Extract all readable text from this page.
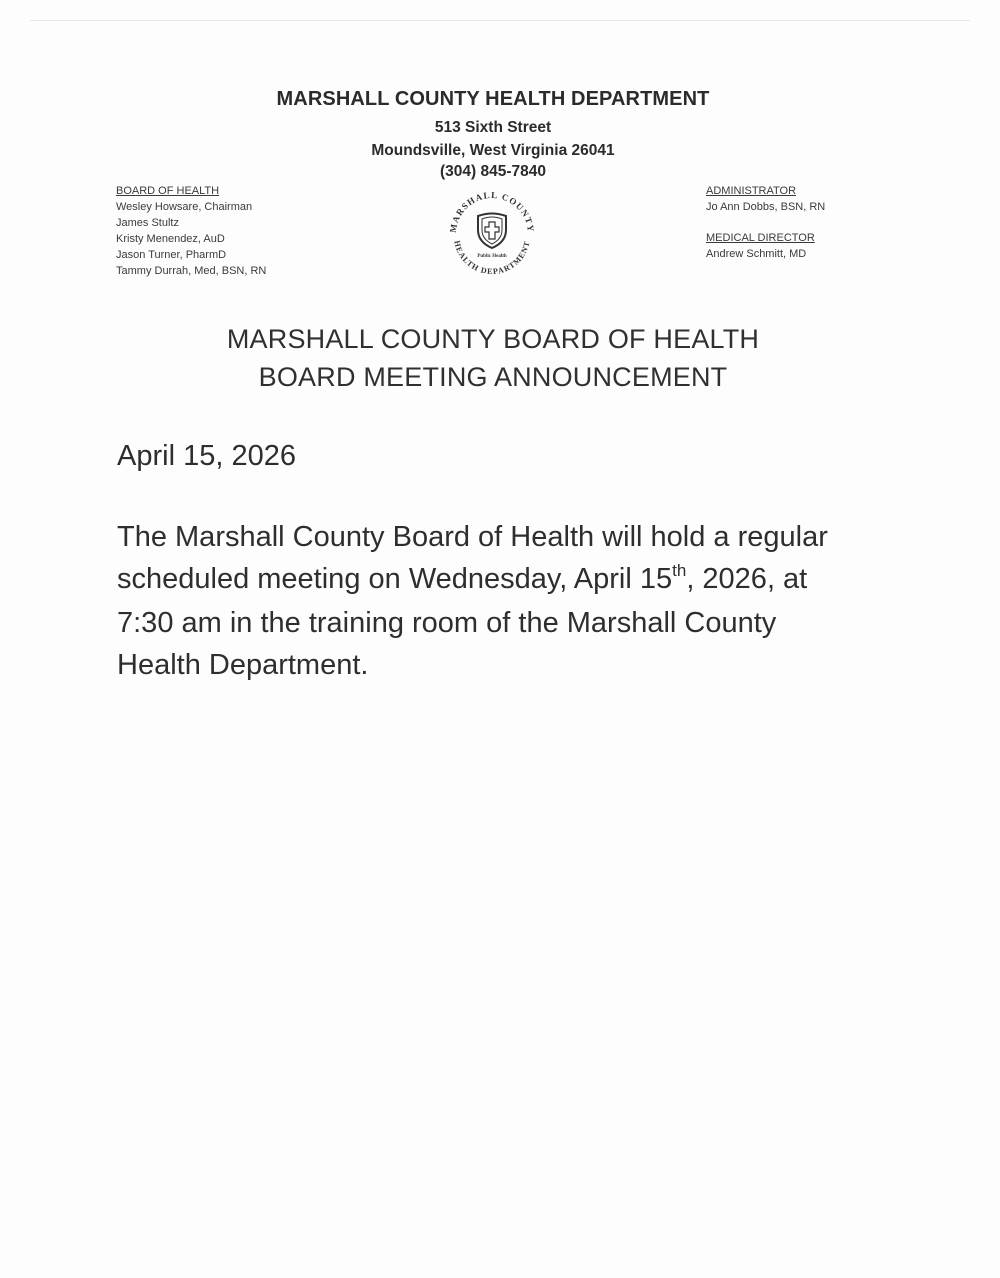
MARSHALL COUNTY HEALTH DEPARTMENT
513 Sixth Street
Moundsville, West Virginia 26041
(304) 845-7840
BOARD OF HEALTH
Wesley Howsare, Chairman
James Stultz
Kristy Menendez, AuD
Jason Turner, PharmD
Tammy Durrah, Med, BSN, RN
ADMINISTRATOR
Jo Ann Dobbs, BSN, RN
MEDICAL DIRECTOR
Andrew Schmitt, MD
MARSHALL COUNTY
HEALTH DEPARTMENT
Public Health
MARSHALL COUNTY BOARD OF HEALTH
BOARD MEETING ANNOUNCEMENT
April 15, 2026
The Marshall County Board of Health will hold a regular
scheduled meeting on Wednesday, April 15th, 2026, at
7:30 am in the training room of the Marshall County
Health Department.
